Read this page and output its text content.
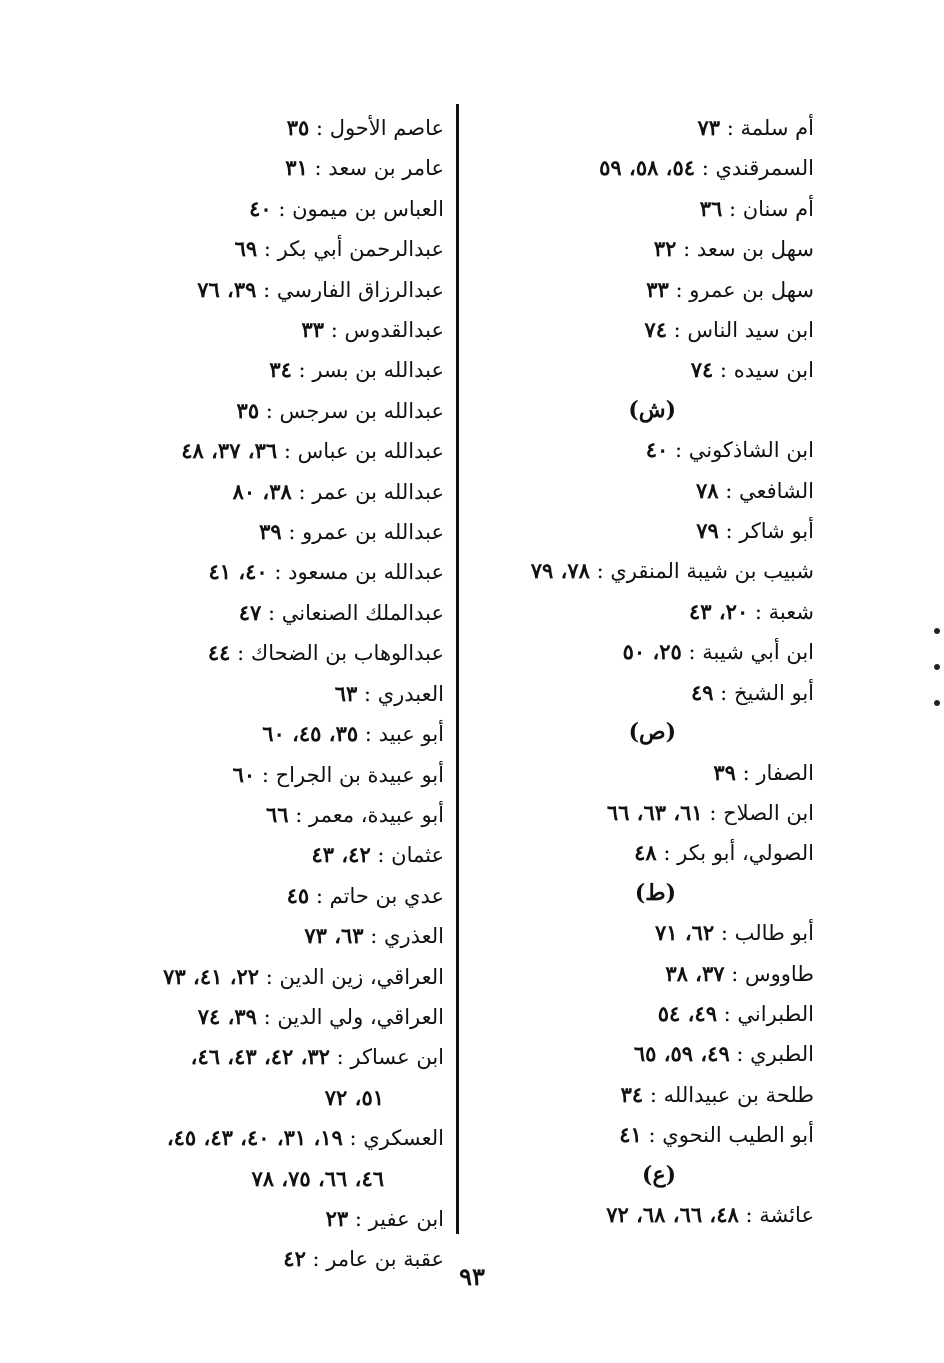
أم سلمة : ٧٣
السمرقندي : ٥٤، ٥٨، ٥٩
أم سنان : ٣٦
سهل بن سعد : ٣٢
سهل بن عمرو : ٣٣
ابن سيد الناس : ٧٤
ابن سيده : ٧٤
(ش)
ابن الشاذكوني : ٤٠
الشافعي : ٧٨
أبو شاكر : ٧٩
شبيب بن شيبة المنقري : ٧٨، ٧٩
شعبة : ٢٠، ٤٣
ابن أبي شيبة : ٢٥، ٥٠
أبو الشيخ : ٤٩
(ص)
الصفار : ٣٩
ابن الصلاح : ٦١، ٦٣، ٦٦
الصولي، أبو بكر : ٤٨
(ط)
أبو طالب : ٦٢، ٧١
طاووس : ٣٧، ٣٨
الطبراني : ٤٩، ٥٤
الطبري : ٤٩، ٥٩، ٦٥
طلحة بن عبيدالله : ٣٤
أبو الطيب النحوي : ٤١
(ع)
عائشة : ٤٨، ٦٦، ٦٨، ٧٢
عاصم الأحول : ٣٥
عامر بن سعد : ٣١
العباس بن ميمون : ٤٠
عبدالرحمن أبي بكر : ٦٩
عبدالرزاق الفارسي : ٣٩، ٧٦
عبدالقدوس : ٣٣
عبدالله بن بسر : ٣٤
عبدالله بن سرجس : ٣٥
عبدالله بن عباس : ٣٦، ٣٧، ٤٨
عبدالله بن عمر : ٣٨، ٨٠
عبدالله بن عمرو : ٣٩
عبدالله بن مسعود : ٤٠، ٤١
عبدالملك الصنعاني : ٤٧
عبدالوهاب بن الضحاك : ٤٤
العبدري : ٦٣
أبو عبيد : ٣٥، ٤٥، ٦٠
أبو عبيدة بن الجراح : ٦٠
أبو عبيدة، معمر : ٦٦
عثمان : ٤٢، ٤٣
عدي بن حاتم : ٤٥
العذري : ٦٣، ٧٣
العراقي، زين الدين : ٢٢، ٤١، ٧٣
العراقي، ولي الدين : ٣٩، ٧٤
ابن عساكر : ٣٢، ٤٢، ٤٣، ٤٦،
٥١، ٧٢
العسكري : ١٩، ٣١، ٤٠، ٤٣، ٤٥،
٤٦، ٦٦، ٧٥، ٧٨
ابن عفير : ٢٣
عقبة بن عامر : ٤٢
٩٣
